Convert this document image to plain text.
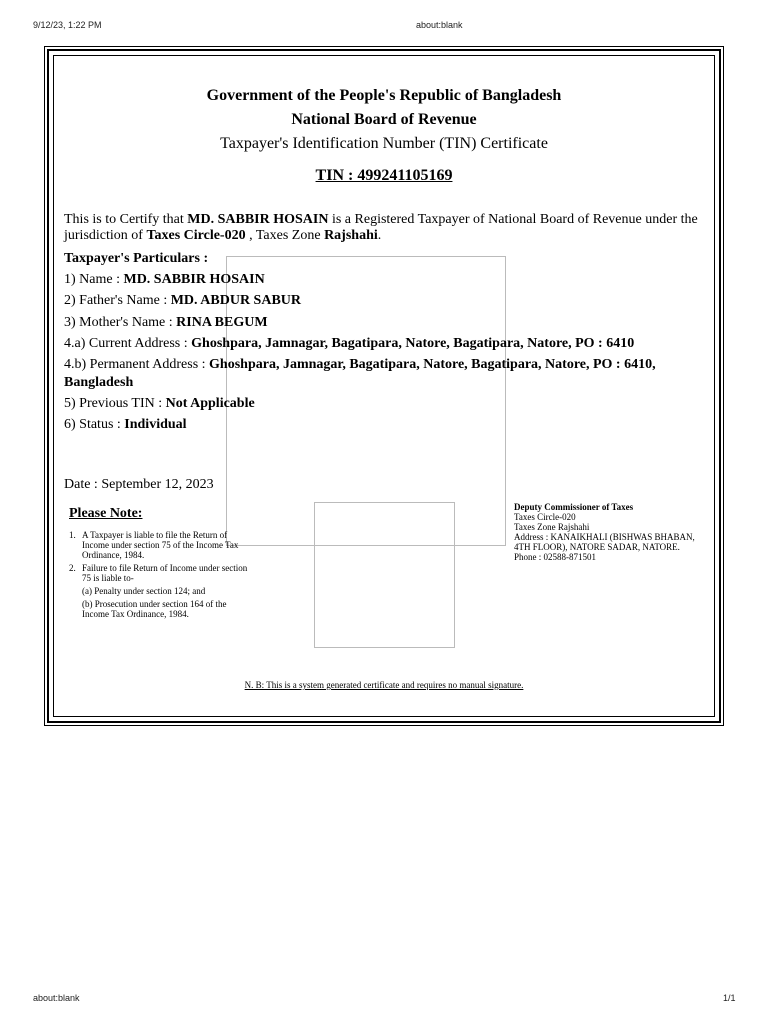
9/12/23, 1:22 PM	about:blank
Government of the People's Republic of Bangladesh
National Board of Revenue
Taxpayer's Identification Number (TIN) Certificate
TIN : 499241105169
This is to Certify that MD. SABBIR HOSAIN is a Registered Taxpayer of National Board of Revenue under the jurisdiction of Taxes Circle-020 , Taxes Zone Rajshahi.
Taxpayer's Particulars :
1) Name : MD. SABBIR HOSAIN
2) Father's Name : MD. ABDUR SABUR
3) Mother's Name : RINA BEGUM
4.a) Current Address : Ghoshpara, Jamnagar, Bagatipara, Natore, Bagatipara, Natore, PO : 6410
4.b) Permanent Address : Ghoshpara, Jamnagar, Bagatipara, Natore, Bagatipara, Natore, PO : 6410,
Bangladesh
5) Previous TIN : Not Applicable
6) Status : Individual
Date : September 12, 2023
Please Note:
1. A Taxpayer is liable to file the Return of Income under section 75 of the Income Tax Ordinance, 1984.
2. Failure to file Return of Income under section 75 is liable to-
(a) Penalty under section 124; and
(b) Prosecution under section 164 of the Income Tax Ordinance, 1984.
Deputy Commissioner of Taxes
Taxes Circle-020
Taxes Zone Rajshahi
Address : KANAIKHALI (BISHWAS BHABAN, 4TH FLOOR), NATORE SADAR, NATORE. Phone : 02588-871501
N. B: This is a system generated certificate and requires no manual signature.
about:blank	1/1
